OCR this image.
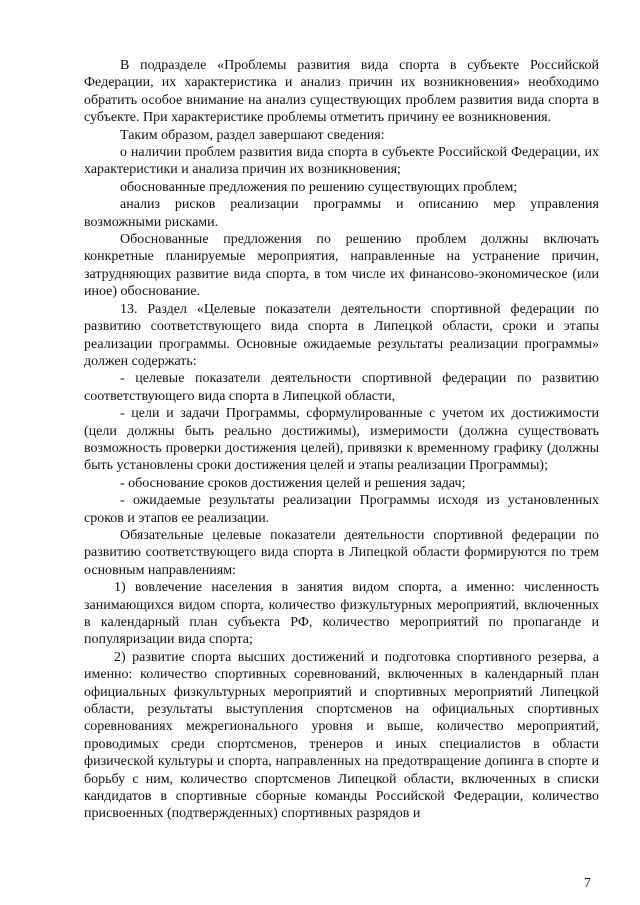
В подразделе «Проблемы развития вида спорта в субъекте Российской Федерации, их характеристика и анализ причин их возникновения» необходимо обратить особое внимание на анализ существующих проблем развития вида спорта в субъекте. При характеристике проблемы отметить причину ее возникновения.

Таким образом, раздел завершают сведения:

о наличии проблем развития вида спорта в субъекте Российской Федерации, их характеристики и анализа причин их возникновения;

обоснованные предложения по решению существующих проблем;

анализ рисков реализации программы и описанию мер управления возможными рисками.

Обоснованные предложения по решению проблем должны включать конкретные планируемые мероприятия, направленные на устранение причин, затрудняющих развитие вида спорта, в том числе их финансово-экономическое (или иное) обоснование.

13. Раздел «Целевые показатели деятельности спортивной федерации по развитию соответствующего вида спорта в Липецкой области, сроки и этапы реализации программы. Основные ожидаемые результаты реализации программы» должен содержать:

- целевые показатели деятельности спортивной федерации по развитию соответствующего вида спорта в Липецкой области,

- цели и задачи Программы, сформулированные с учетом их достижимости (цели должны быть реально достижимы), измеримости (должна существовать возможность проверки достижения целей), привязки к временному графику (должны быть установлены сроки достижения целей и этапы реализации Программы);

- обоснование сроков достижения целей и решения задач;

- ожидаемые результаты реализации Программы исходя из установленных сроков и этапов ее реализации.

Обязательные целевые показатели деятельности спортивной федерации по развитию соответствующего вида спорта в Липецкой области формируются по трем основным направлениям:

1) вовлечение населения в занятия видом спорта, а именно: численность занимающихся видом спорта, количество физкультурных мероприятий, включенных в календарный план субъекта РФ, количество мероприятий по пропаганде и популяризации вида спорта;

2) развитие спорта высших достижений и подготовка спортивного резерва, а именно: количество спортивных соревнований, включенных в календарный план официальных физкультурных мероприятий и спортивных мероприятий Липецкой области, результаты выступления спортсменов на официальных спортивных соревнованиях межрегионального уровня и выше, количество мероприятий, проводимых среди спортсменов, тренеров и иных специалистов в области физической культуры и спорта, направленных на предотвращение допинга в спорте и борьбу с ним, количество спортсменов Липецкой области, включенных в списки кандидатов в спортивные сборные команды Российской Федерации, количество присвоенных (подтвержденных) спортивных разрядов и

7
